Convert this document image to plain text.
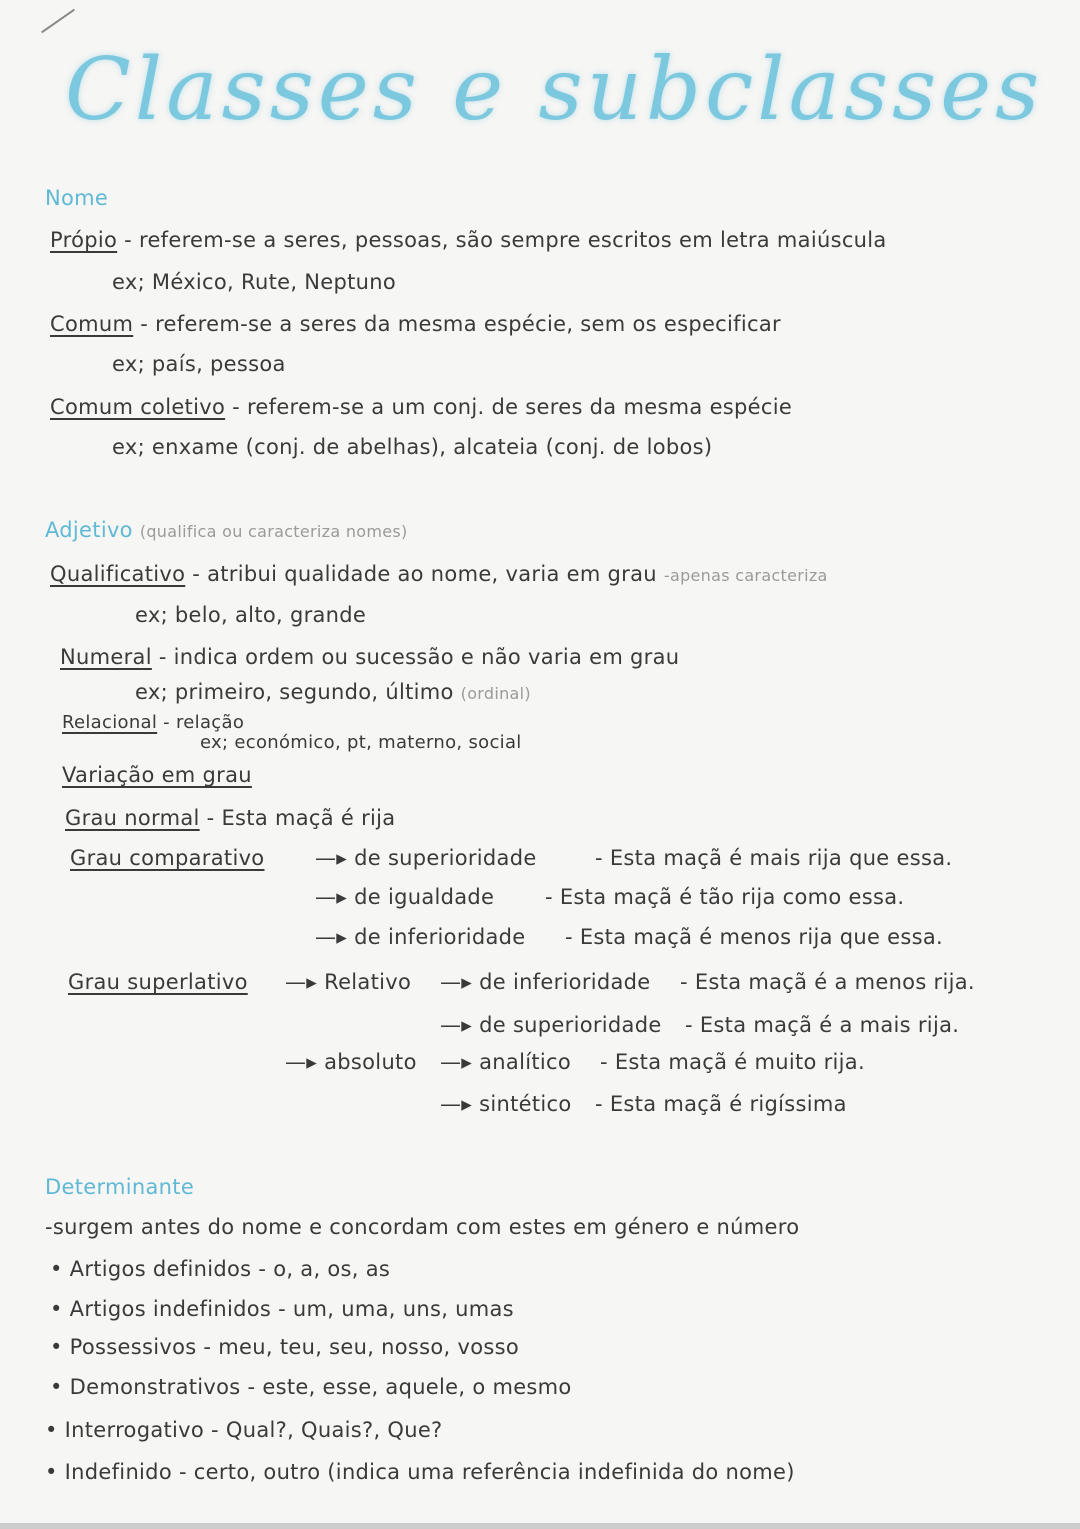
Classes e subclasses
Nome
Própio - referem-se a seres, pessoas, são sempre escritos em letra maiúscula
ex; México, Rute, Neptuno
Comum - referem-se a seres da mesma espécie, sem os especificar
ex; país, pessoa
Comum coletivo - referem-se a um conj. de seres da mesma espécie
ex; enxame (conj. de abelhas), alcateia (conj. de lobos)
Adjetivo (qualifica ou caracteriza nomes)
Qualificativo - atribui qualidade ao nome, varia em grau -apenas caracteriza
ex; belo, alto, grande
Numeral - indica ordem ou sucessão e não varia em grau
ex; primeiro, segundo, último (ordinal)
Relacional - relação
ex; económico, pt, materno, social
Variação em grau
Grau normal - Esta maçã é rija
Grau comparativo —▸ de superioridade	- Esta maçã é mais rija que essa.
—▸ de igualdade - Esta maçã é tão rija como essa.
—▸ de inferioridade - Esta maçã é menos rija que essa.
Grau superlativo —▸ Relativo —▸ de inferioridade - Esta maçã é a menos rija.
—▸ de superioridade - Esta maçã é a mais rija.
—▸ absoluto —▸ analítico - Esta maçã é muito rija.
—▸ sintético - Esta maçã é rigíssima
Determinante
-surgem antes do nome e concordam com estes em género e número
• Artigos definidos - o, a, os, as
• Artigos indefinidos - um, uma, uns, umas
• Possessivos - meu, teu, seu, nosso, vosso
• Demonstrativos - este, esse, aquele, o mesmo
• Interrogativo - Qual?, Quais?, Que?
• Indefinido - certo, outro (indica uma referência indefinida do nome)
